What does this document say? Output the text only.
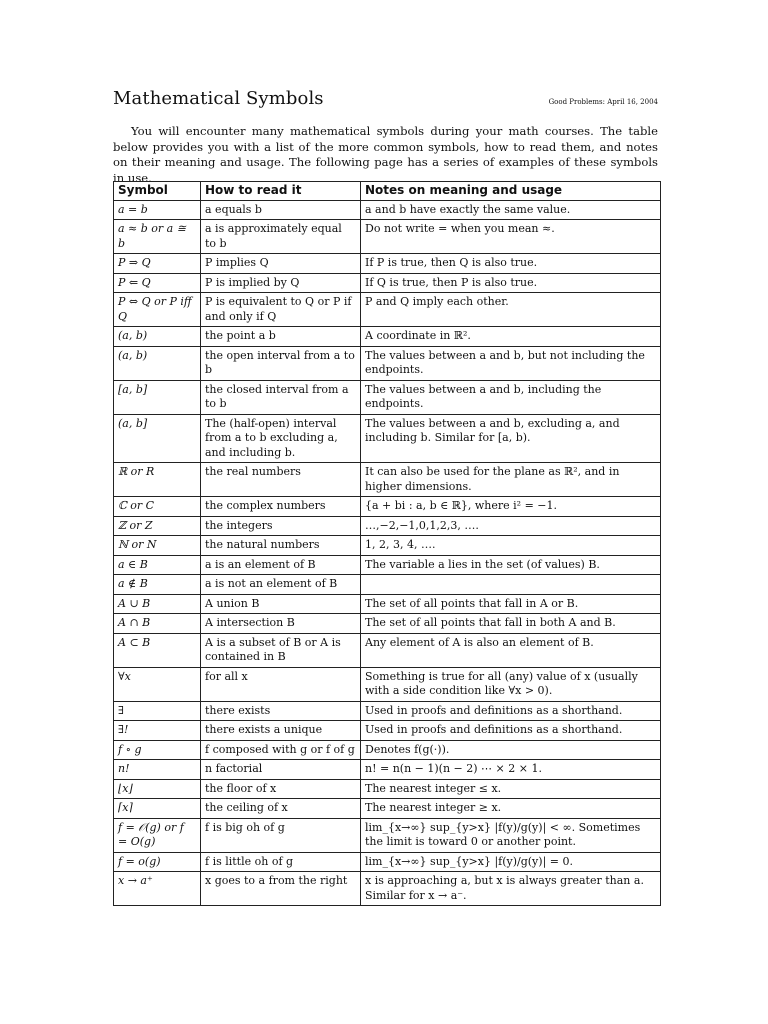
Mathematical Symbols	Good Problems: April 16, 2004

You will encounter many mathematical symbols during your math courses. The table below provides you with a list of the more common symbols, how to read them, and notes on their meaning and usage. The following page has a series of examples of these symbols in use.

Symbol	How to read it	Notes on meaning and usage
a = b	a equals b	a and b have exactly the same value.
a ≈ b or a ≅ b	a is approximately equal to b	Do not write = when you mean ≈.
P ⇒ Q	P implies Q	If P is true, then Q is also true.
P ⇐ Q	P is implied by Q	If Q is true, then P is also true.
P ⇔ Q or P iff Q	P is equivalent to Q or P if and only if Q	P and Q imply each other.
(a, b)	the point a b	A coordinate in ℝ².
(a, b)	the open interval from a to b	The values between a and b, but not including the endpoints.
[a, b]	the closed interval from a to b	The values between a and b, including the endpoints.
(a, b]	The (half-open) interval from a to b excluding a, and including b.	The values between a and b, excluding a, and including b. Similar for [a, b).
ℝ or R	the real numbers	It can also be used for the plane as ℝ², and in higher dimensions.
ℂ or C	the complex numbers	{a + bi : a, b ∈ ℝ}, where i² = −1.
ℤ or Z	the integers	…,−2,−1,0,1,2,3, ….
ℕ or N	the natural numbers	1, 2, 3, 4, ….
a ∈ B	a is an element of B	The variable a lies in the set (of values) B.
a ∉ B	a is not an element of B	
A ∪ B	A union B	The set of all points that fall in A or B.
A ∩ B	A intersection B	The set of all points that fall in both A and B.
A ⊂ B	A is a subset of B or A is contained in B	Any element of A is also an element of B.
∀x	for all x	Something is true for all (any) value of x (usually with a side condition like ∀x > 0).
∃	there exists	Used in proofs and definitions as a shorthand.
∃!	there exists a unique	Used in proofs and definitions as a shorthand.
f ∘ g	f composed with g or f of g	Denotes f(g(·)).
n!	n factorial	n! = n(n − 1)(n − 2) ⋯ × 2 × 1.
⌊x⌋	the floor of x	The nearest integer ≤ x.
⌈x⌉	the ceiling of x	The nearest integer ≥ x.
f = 𝒪(g) or f = O(g)	f is big oh of g	lim_{x→∞} sup_{y>x} |f(y)/g(y)| < ∞. Sometimes the limit is toward 0 or another point.
f = o(g)	f is little oh of g	lim_{x→∞} sup_{y>x} |f(y)/g(y)| = 0.
x → a⁺	x goes to a from the right	x is approaching a, but x is always greater than a. Similar for x → a⁻.
